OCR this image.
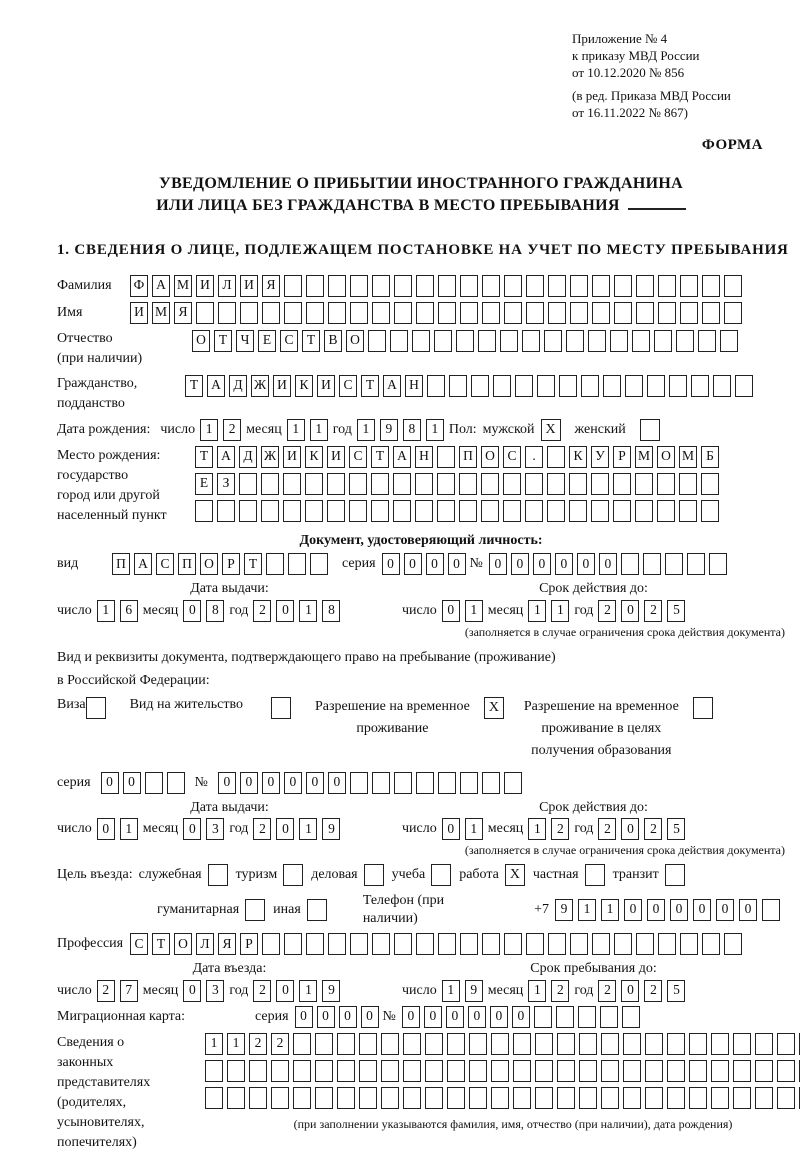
Приложение № 4
к приказу МВД России
от 10.12.2020 № 856
(в ред. Приказа МВД России
от 16.11.2022 № 867)
ФОРМА
УВЕДОМЛЕНИЕ О ПРИБЫТИИ ИНОСТРАННОГО ГРАЖДАНИНА
ИЛИ ЛИЦА БЕЗ ГРАЖДАНСТВА В МЕСТО ПРЕБЫВАНИЯ
1. СВЕДЕНИЯ О ЛИЦЕ, ПОДЛЕЖАЩЕМ ПОСТАНОВКЕ НА УЧЕТ ПО МЕСТУ ПРЕБЫВАНИЯ
Фамилия	Ф А М И Л И Я
Имя	И М Я
Отчество
(при наличии)
О Т Ч Е С Т В О
Гражданство,
подданство
Т А Д Ж И К И С Т А Н
Дата рождения: число 1	2 месяц 1	1 год 1	9	8	1 Пол: мужской X	женский
Место рождения:
государство
город или другой
населенный пункт
Т А Д Ж И К И С Т А Н	П О С	.	К У Р М О М Б
Е	З
Документ, удостоверяющий личность:
вид	П А С П О Р	Т	серия 0	0	0	0 № 0	0	0	0	0	0
Дата выдачи:	Срок действия до:
число 1	6 месяц 0	8 год 2	0	1	8	число 0	1 месяц 1	1 год 2	0	2	5
(заполняется в случае ограничения срока действия документа)
Вид и реквизиты документа, подтверждающего право на пребывание (проживание)
в Российской Федерации:
Виза	Вид на жительство	Разрешение на временное
проживание
X	Разрешение на временное
проживание в целях
получения образования
серия	0	0	№	0	0	0	0	0	0
Дата выдачи:	Срок действия до:
число 0	1 месяц 0	3 год 2	0	1	9	число 0	1 месяц 1	2 год 2	0	2	5
(заполняется в случае ограничения срока действия документа)
Цель въезда: служебная туризм деловая учеба работа X частная транзит
гуманитарная иная
Телефон (при наличии)
+7 9	1	1	0	0	0	0	0	0
Профессия С Т О Л Я	Р
Дата въезда:	Срок пребывания до:
число 2	7 месяц 0	3 год 2	0	1	9	число 1	9 месяц 1	2 год 2	0	2	5
Миграционная карта:	серия 0	0	0	0 № 0	0	0	0	0	0
Сведения о
законных
представителях
(родителях,
усыновителях,
попечителях)
1	1	2	2
(при заполнении указываются фамилия, имя, отчество (при наличии), дата рождения)
